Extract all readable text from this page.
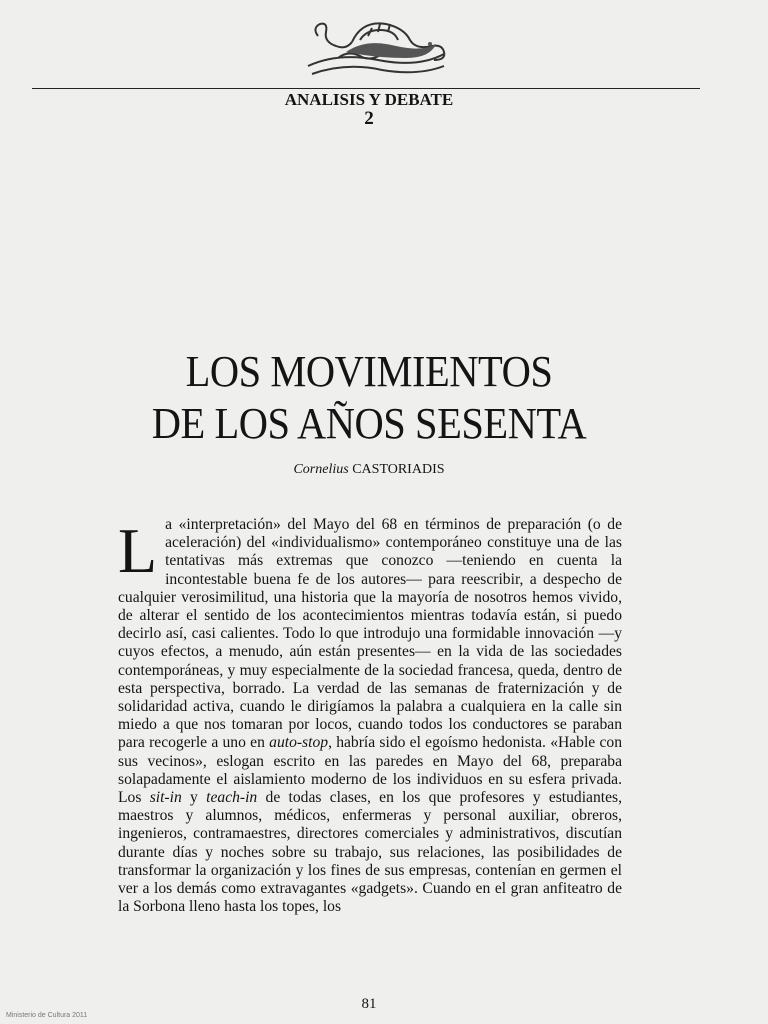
ANALISIS Y DEBATE
2
LOS MOVIMIENTOS
DE LOS AÑOS SESENTA
Cornelius CASTORIADIS

La «interpretación» del Mayo del 68 en términos de preparación (o de aceleración) del «individualismo» contemporáneo constituye una de las tentativas más extremas que conozco —teniendo en cuenta la incontestable buena fe de los autores— para reescribir, a despecho de cualquier verosimilitud, una historia que la mayoría de nosotros hemos vivido, de alterar el sentido de los acontecimientos mientras todavía están, si puedo decirlo así, casi calientes. Todo lo que introdujo una formidable innovación —y cuyos efectos, a menudo, aún están presentes— en la vida de las sociedades contemporáneas, y muy especialmente de la sociedad francesa, queda, dentro de esta perspectiva, borrado. La verdad de las semanas de fraternización y de solidaridad activa, cuando le dirigíamos la palabra a cualquiera en la calle sin miedo a que nos tomaran por locos, cuando todos los conductores se paraban para recogerle a uno en auto-stop, habría sido el egoísmo hedonista. «Hable con sus vecinos», eslogan escrito en las paredes en Mayo del 68, preparaba solapadamente el aislamiento moderno de los individuos en su esfera privada. Los sit-in y teach-in de todas clases, en los que profesores y estudiantes, maestros y alumnos, médicos, enfermeras y personal auxiliar, obreros, ingenieros, contramaestres, directores comerciales y administrativos, discutían durante días y noches sobre su trabajo, sus relaciones, las posibilidades de transformar la organización y los fines de sus empresas, contenían en germen el ver a los demás como extravagantes «gadgets». Cuando en el gran anfiteatro de la Sorbona lleno hasta los topes, los

81
Ministerio de Cultura 2011
